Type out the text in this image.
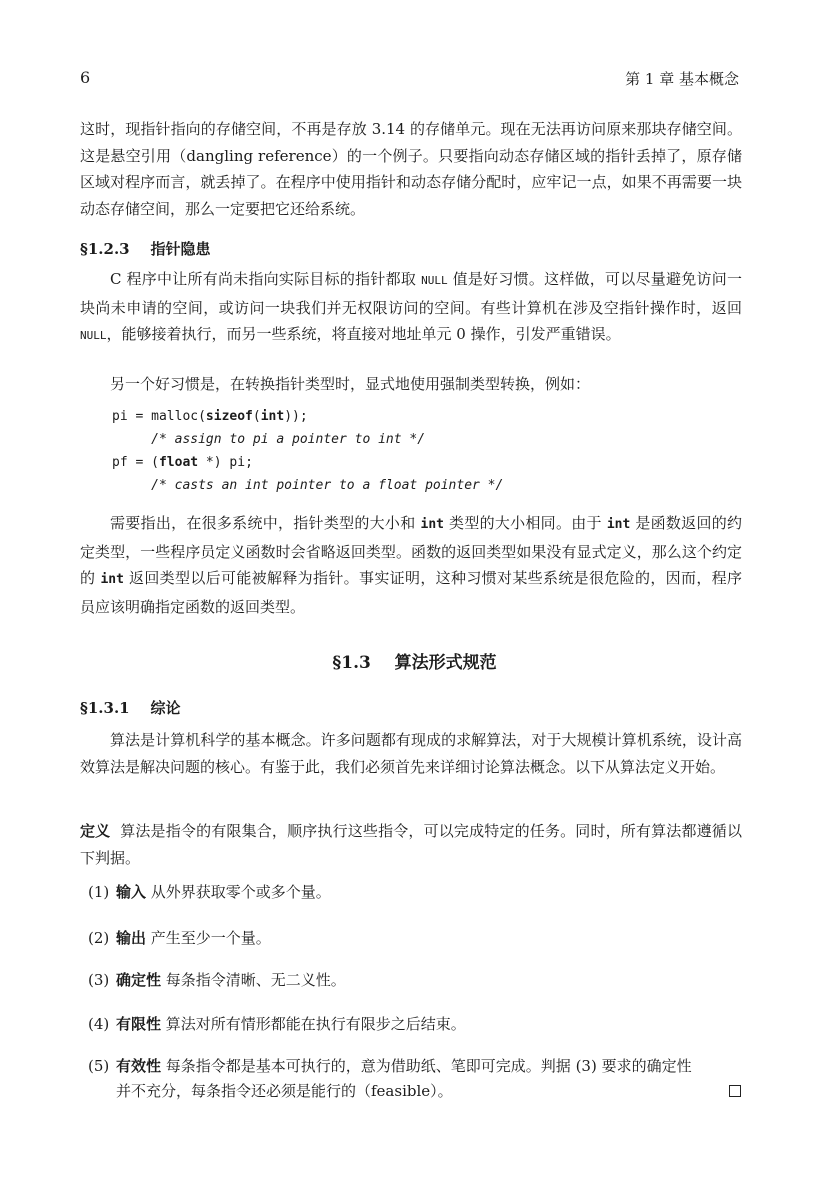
6	第 1 章 基本概念

这时，现指针指向的存储空间，不再是存放 3.14 的存储单元。现在无法再访问原来那块存储空间。这是悬空引用（dangling reference）的一个例子。只要指向动态存储区域的指针丢掉了，原存储区域对程序而言，就丢掉了。在程序中使用指针和动态存储分配时，应牢记一点，如果不再需要一块动态存储空间，那么一定要把它还给系统。

§1.2.3 指针隐患

C 程序中让所有尚未指向实际目标的指针都取 NULL 值是好习惯。这样做，可以尽量避免访问一块尚未申请的空间，或访问一块我们并无权限访问的空间。有些计算机在涉及空指针操作时，返回 NULL，能够接着执行，而另一些系统，将直接对地址单元 0 操作，引发严重错误。

另一个好习惯是，在转换指针类型时，显式地使用强制类型转换，例如：

pi = malloc(sizeof(int));
/* assign to pi a pointer to int */
pf = (float *) pi;
/* casts an int pointer to a float pointer */

需要指出，在很多系统中，指针类型的大小和 int 类型的大小相同。由于 int 是函数返回的约定类型，一些程序员定义函数时会省略返回类型。函数的返回类型如果没有显式定义，那么这个约定的 int 返回类型以后可能被解释为指针。事实证明，这种习惯对某些系统是很危险的，因而，程序员应该明确指定函数的返回类型。

§1.3 算法形式规范
§1.3.1 综论

算法是计算机科学的基本概念。许多问题都有现成的求解算法，对于大规模计算机系统，设计高效算法是解决问题的核心。有鉴于此，我们必须首先来详细讨论算法概念。以下从算法定义开始。

定义 算法是指令的有限集合，顺序执行这些指令，可以完成特定的任务。同时，所有算法都遵循以下判据。

(1) 输入 从外界获取零个或多个量。
(2) 输出 产生至少一个量。
(3) 确定性 每条指令清晰、无二义性。
(4) 有限性 算法对所有情形都能在执行有限步之后结束。
(5) 有效性 每条指令都是基本可执行的，意为借助纸、笔即可完成。判据 (3) 要求的确定性
并不充分，每条指令还必须是能行的（feasible）。
